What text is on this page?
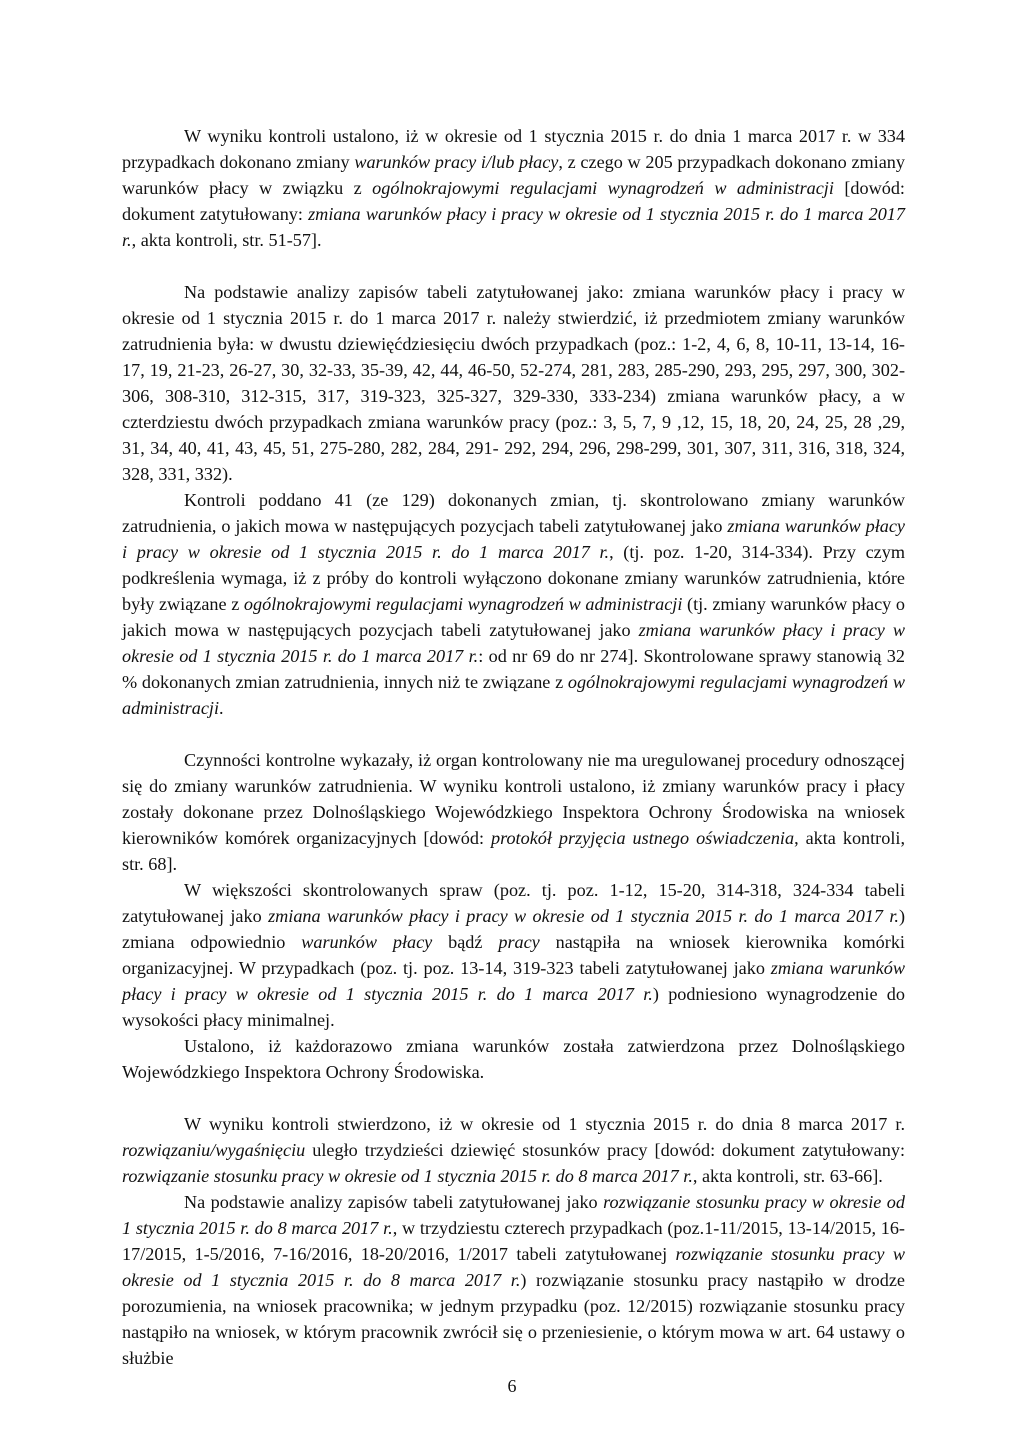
W wyniku kontroli ustalono, iż w okresie od 1 stycznia 2015 r. do dnia 1 marca 2017 r. w 334 przypadkach dokonano zmiany warunków pracy i/lub płacy, z czego w 205 przypadkach dokonano zmiany warunków płacy w związku z ogólnokrajowymi regulacjami wynagrodzeń w administracji [dowód: dokument zatytułowany: zmiana warunków płacy i pracy w okresie od 1 stycznia 2015 r. do 1 marca 2017 r., akta kontroli, str. 51-57].

Na podstawie analizy zapisów tabeli zatytułowanej jako: zmiana warunków płacy i pracy w okresie od 1 stycznia 2015 r. do 1 marca 2017 r. należy stwierdzić, iż przedmiotem zmiany warunków zatrudnienia była: w dwustu dziewięćdziesięciu dwóch przypadkach (poz.: 1-2, 4, 6, 8, 10-11, 13-14, 16-17, 19, 21-23, 26-27, 30, 32-33, 35-39, 42, 44, 46-50, 52-274, 281, 283, 285-290, 293, 295, 297, 300, 302-306, 308-310, 312-315, 317, 319-323, 325-327, 329-330, 333-234) zmiana warunków płacy, a w czterdziestu dwóch przypadkach zmiana warunków pracy (poz.: 3, 5, 7, 9 ,12, 15, 18, 20, 24, 25, 28 ,29, 31, 34, 40, 41, 43, 45, 51, 275-280, 282, 284, 291- 292, 294, 296, 298-299, 301, 307, 311, 316, 318, 324, 328, 331, 332).

Kontroli poddano 41 (ze 129) dokonanych zmian, tj. skontrolowano zmiany warunków zatrudnienia, o jakich mowa w następujących pozycjach tabeli zatytułowanej jako zmiana warunków płacy i pracy w okresie od 1 stycznia 2015 r. do 1 marca 2017 r., (tj. poz. 1-20, 314-334). Przy czym podkreślenia wymaga, iż z próby do kontroli wyłączono dokonane zmiany warunków zatrudnienia, które były związane z ogólnokrajowymi regulacjami wynagrodzeń w administracji (tj. zmiany warunków płacy o jakich mowa w następujących pozycjach tabeli zatytułowanej jako zmiana warunków płacy i pracy w okresie od 1 stycznia 2015 r. do 1 marca 2017 r.: od nr 69 do nr 274]. Skontrolowane sprawy stanowią 32 % dokonanych zmian zatrudnienia, innych niż te związane z ogólnokrajowymi regulacjami wynagrodzeń w administracji.

Czynności kontrolne wykazały, iż organ kontrolowany nie ma uregulowanej procedury odnoszącej się do zmiany warunków zatrudnienia. W wyniku kontroli ustalono, iż zmiany warunków pracy i płacy zostały dokonane przez Dolnośląskiego Wojewódzkiego Inspektora Ochrony Środowiska na wniosek kierowników komórek organizacyjnych [dowód: protokół przyjęcia ustnego oświadczenia, akta kontroli, str. 68].

W większości skontrolowanych spraw (poz. tj. poz. 1-12, 15-20, 314-318, 324-334 tabeli zatytułowanej jako zmiana warunków płacy i pracy w okresie od 1 stycznia 2015 r. do 1 marca 2017 r.) zmiana odpowiednio warunków płacy bądź pracy nastąpiła na wniosek kierownika komórki organizacyjnej. W przypadkach (poz. tj. poz. 13-14, 319-323 tabeli zatytułowanej jako zmiana warunków płacy i pracy w okresie od 1 stycznia 2015 r. do 1 marca 2017 r.) podniesiono wynagrodzenie do wysokości płacy minimalnej.

Ustalono, iż każdorazowo zmiana warunków została zatwierdzona przez Dolnośląskiego Wojewódzkiego Inspektora Ochrony Środowiska.

W wyniku kontroli stwierdzono, iż w okresie od 1 stycznia 2015 r. do dnia 8 marca 2017 r. rozwiązaniu/wygaśnięciu uległo trzydzieści dziewięć stosunków pracy [dowód: dokument zatytułowany: rozwiązanie stosunku pracy w okresie od 1 stycznia 2015 r. do 8 marca 2017 r., akta kontroli, str. 63-66].

Na podstawie analizy zapisów tabeli zatytułowanej jako rozwiązanie stosunku pracy w okresie od 1 stycznia 2015 r. do 8 marca 2017 r., w trzydziestu czterech przypadkach (poz.1-11/2015, 13-14/2015, 16-17/2015, 1-5/2016, 7-16/2016, 18-20/2016, 1/2017 tabeli zatytułowanej rozwiązanie stosunku pracy w okresie od 1 stycznia 2015 r. do 8 marca 2017 r.) rozwiązanie stosunku pracy nastąpiło w drodze porozumienia, na wniosek pracownika; w jednym przypadku (poz. 12/2015) rozwiązanie stosunku pracy nastąpiło na wniosek, w którym pracownik zwrócił się o przeniesienie, o którym mowa w art. 64 ustawy o służbie

6
